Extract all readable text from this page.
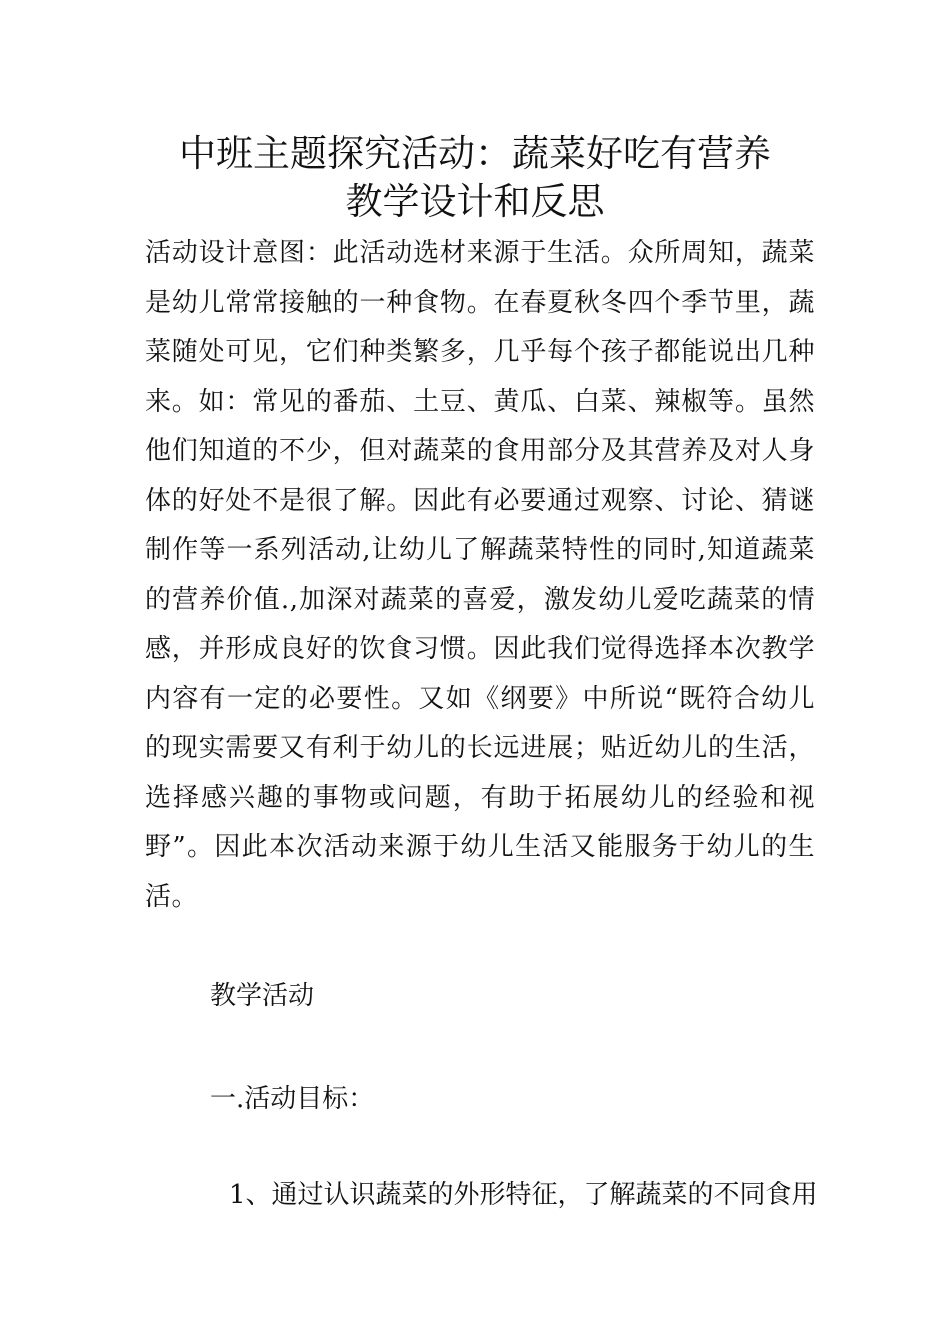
中班主题探究活动：蔬菜好吃有营养
教学设计和反思

活动设计意图：此活动选材来源于生活。众所周知，蔬菜是幼儿常常接触的一种食物。在春夏秋冬四个季节里，蔬菜随处可见，它们种类繁多，几乎每个孩子都能说出几种来。如：常见的番茄、土豆、黄瓜、白菜、辣椒等。虽然他们知道的不少，但对蔬菜的食用部分及其营养及对人身体的好处不是很了解。因此有必要通过观察、讨论、猜谜制作等一系列活动,让幼儿了解蔬菜特性的同时,知道蔬菜的营养价值.,加深对蔬菜的喜爱，激发幼儿爱吃蔬菜的情感，并形成良好的饮食习惯。因此我们觉得选择本次教学内容有一定的必要性。又如《纲要》中所说“既符合幼儿的现实需要又有利于幼儿的长远进展；贴近幼儿的生活，选择感兴趣的事物或问题，有助于拓展幼儿的经验和视野”。因此本次活动来源于幼儿生活又能服务于幼儿的生活。

教学活动

一.活动目标：

1、通过认识蔬菜的外形特征，了解蔬菜的不同食用
